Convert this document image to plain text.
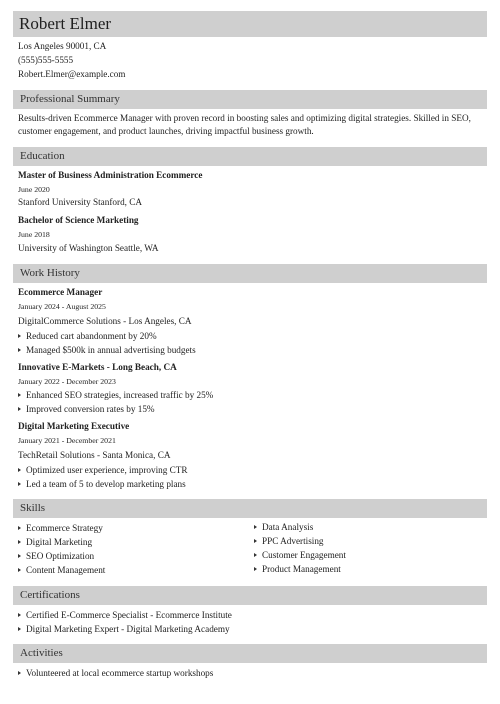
Robert Elmer
Los Angeles 90001, CA
(555)555-5555
Robert.Elmer@example.com
Professional Summary
Results-driven Ecommerce Manager with proven record in boosting sales and optimizing digital strategies. Skilled in SEO, customer engagement, and product launches, driving impactful business growth.
Education
Master of Business Administration Ecommerce
June 2020
Stanford University Stanford, CA
Bachelor of Science Marketing
June 2018
University of Washington Seattle, WA
Work History
Ecommerce Manager
January 2024 - August 2025
DigitalCommerce Solutions - Los Angeles, CA
Reduced cart abandonment by 20%
Managed $500k in annual advertising budgets
Innovative E-Markets - Long Beach, CA
January 2022 - December 2023
Enhanced SEO strategies, increased traffic by 25%
Improved conversion rates by 15%
Digital Marketing Executive
January 2021 - December 2021
TechRetail Solutions - Santa Monica, CA
Optimized user experience, improving CTR
Led a team of 5 to develop marketing plans
Skills
Ecommerce Strategy
Digital Marketing
SEO Optimization
Content Management
Data Analysis
PPC Advertising
Customer Engagement
Product Management
Certifications
Certified E-Commerce Specialist - Ecommerce Institute
Digital Marketing Expert - Digital Marketing Academy
Activities
Volunteered at local ecommerce startup workshops
